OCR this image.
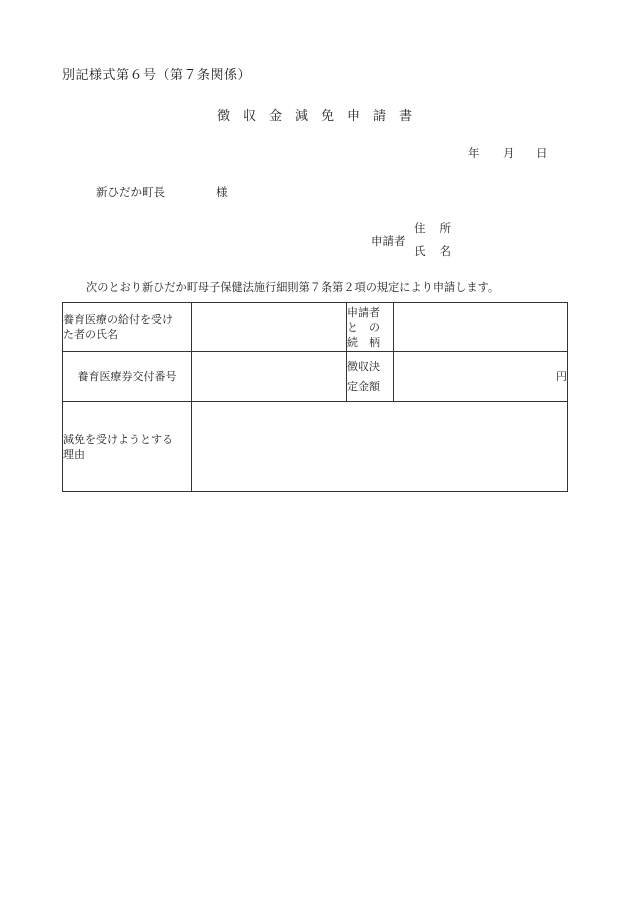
別記様式第６号（第７条関係）
徴 収 金 減 免 申 請 書
年 月 日
新ひだか町長	様
申請者
住 所
氏 名
次のとおり新ひだか町母子保健法施行細則第７条第２項の規定により申請します。
養育医療の給付を受け
た者の氏名		申請者
と　の
続　柄	

養育医療券交付番号		徴収決
定金額	円

減免を受けようとする
理由			
